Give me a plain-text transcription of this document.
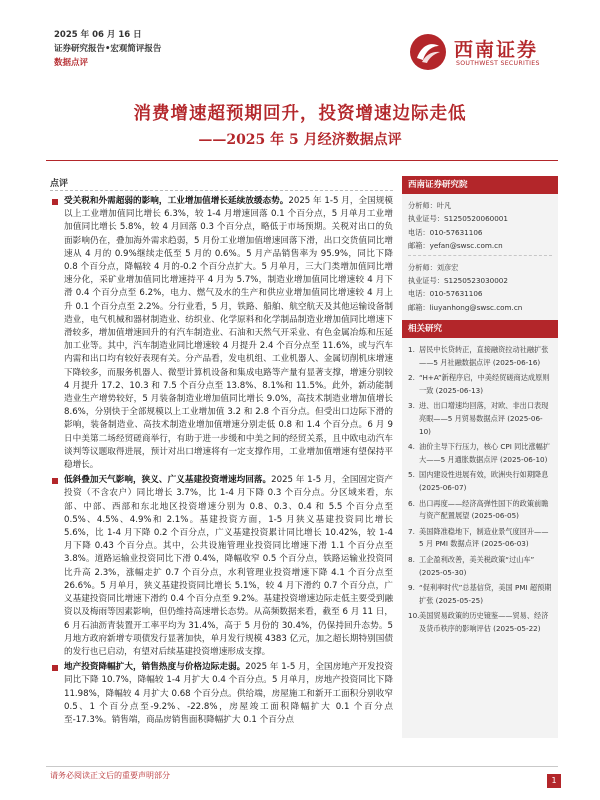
2025 年 06 月 16 日
证券研究报告•宏观简评报告
数据点评
西南证券
SOUTHWEST SECURITIES
消费增速超预期回升，投资增速边际走低
——2025 年 5 月经济数据点评
点评

受关税和外需超弱的影响，工业增加值增长延续放缓态势。2025 年 1-5 月，全国规模以上工业增加值同比增长 6.3%，较 1-4 月增速回落 0.1 个百分点，5 月单月工业增加值同比增长 5.8%，较 4 月回落 0.3 个百分点，略低于市场预期。关税对出口的负面影响仍在，叠加海外需求趋弱，5 月份工业增加值增速回落下滑，出口交货值同比增速从 4 月的 0.9%继续走低至 5 月的 0.6%。5 月产品销售率为 95.9%，同比下降 0.8 个百分点，降幅较 4 月的-0.2 个百分点扩大。5 月单月，三大门类增加值同比增速分化，采矿业增加值同比增速持平 4 月为 5.7%，制造业增加值同比增速较 4 月下滑 0.4 个百分点至 6.2%，电力、燃气及水的生产和供应业增加值同比增速较 4 月上升 0.1 个百分点至 2.2%。分行业看，5 月，铁路、船舶、航空航天及其他运输设备制造业，电气机械和器材制造业、纺织业、化学原料和化学制品制造业增加值同比增速下滑较多，增加值增速回升的有汽车制造业、石油和天然气开采业、有色金属冶炼和压延加工业等。其中，汽车制造业同比增速较 4 月提升 2.4 个百分点至 11.6%，或与汽车内需和出口均有较好表现有关。分产品看，发电机组、工业机器人、金属切削机床增速下降较多，而服务机器人、微型计算机设备和集成电路等产量有显著支撑，增速分别较 4 月提升 17.2、10.3 和 7.5 个百分点至 13.8%、8.1%和 11.5%。此外，新动能制造业生产增势较好，5 月装备制造业增加值同比增长 9.0%，高技术制造业增加值增长 8.6%，分别快于全部规模以上工业增加值 3.2 和 2.8 个百分点。但受出口边际下滑的影响，装备制造业、高技术制造业增加值增速分别走低 0.8 和 1.4 个百分点。6 月 9 日中美第二场经贸磋商举行，有助于进一步缓和中美之间的经贸关系，且中欧电动汽车谈判等议题取得进展，预计对出口增速将有一定支撑作用，工业增加值增速有望保持平稳增长。

低斜叠加天气影响，狭义、广义基建投资增速均回落。2025 年 1-5 月，全国固定资产投资（不含农户）同比增长 3.7%，比 1-4 月下降 0.3 个百分点。分区域来看，东部、中部、西部和东北地区投资增速分别为 0.8、0.3、0.4 和 5.5 个百分点至 0.5%、4.5%、4.9%和 2.1%。基建投资方面，1-5 月狭义基建投资同比增长 5.6%，比 1-4 月下降 0.2 个百分点，广义基建投资累计同比增长 10.42%，较 1-4 月下降 0.43 个百分点。其中，公共设施管理业投资同比增速下滑 1.1 个百分点至 3.8%。道路运输业投资同比下滑 0.4%，降幅收窄 0.5 个百分点，铁路运输业投资同比升高 2.3%，涨幅走扩 0.7 个百分点，水利管理业投资增速下降 4.1 个百分点至 26.6%。5 月单月，狭义基建投资同比增长 5.1%，较 4 月下滑约 0.7 个百分点，广义基建投资同比增速下滑约 0.4 个百分点至 9.2%。基建投资增速边际走低主要受到融资以及梅雨等因素影响，但仍维持高速增长态势。从高频数据来看，截至 6 月 11 日，6 月石油沥青装置开工率平均为 31.4%，高于 5 月份的 30.4%，仍保持回升态势。5 月地方政府新增专项债发行显著加快，单月发行规模 4383 亿元，加之超长期特别国债的发行也已启动，有望对后续基建投资增速形成支撑。

地产投资降幅扩大，销售热度与价格边际走弱。2025 年 1-5 月，全国房地产开发投资同比下降 10.7%，降幅较 1-4 月扩大 0.4 个百分点。5 月单月，房地产投资同比下降 11.98%，降幅较 4 月扩大 0.68 个百分点。供给端，房屋施工和新开工面积分别收窄 0.5、1 个百分点至-9.2%、-22.8%，房屋竣工面积降幅扩大 0.1 个百分点至-17.3%。销售端，商品房销售面积降幅扩大 0.1 个百分点

西南证券研究院
分析师：叶凡
执业证号：S1250520060001
电话：010-57631106
邮箱：yefan@swsc.com.cn
分析师：刘彦宏
执业证号：S1250523030002
电话：010-57631106
邮箱：liuyanhong@swsc.com.cn
相关研究
1. 居民中长贷转正，直接融资拉动社融扩张——5 月社融数据点评 (2025-06-16)
2. “H+A”新程序启，中美经贸磋商达成原则一致 (2025-06-13)
3. 进、出口增速均回落，对欧、非出口表现亮眼——5 月贸易数据点评 (2025-06-10)
4. 油价主导下行压力，核心 CPI 同比涨幅扩大——5 月通胀数据点评 (2025-06-10)
5. 国内建设性进展有效，欧洲央行如期降息 (2025-06-07)
6. 出口再度——经济高弹性国下的政策前瞻与资产配置展望 (2025-06-05)
7. 美国降准稳地下，制造业景气度回升——5 月 PMI 数据点评 (2025-06-03)
8. 工企盈利改善，美关税政策“过山车” (2025-05-30)
9. “促利率时代”总基信贷，美国 PMI 超预期扩张 (2025-05-25)
10. 美国贸易政策的历史镜鉴——贸易、经济及货币秩序的影响评估 (2025-05-22)
请务必阅读正文后的重要声明部分
1
